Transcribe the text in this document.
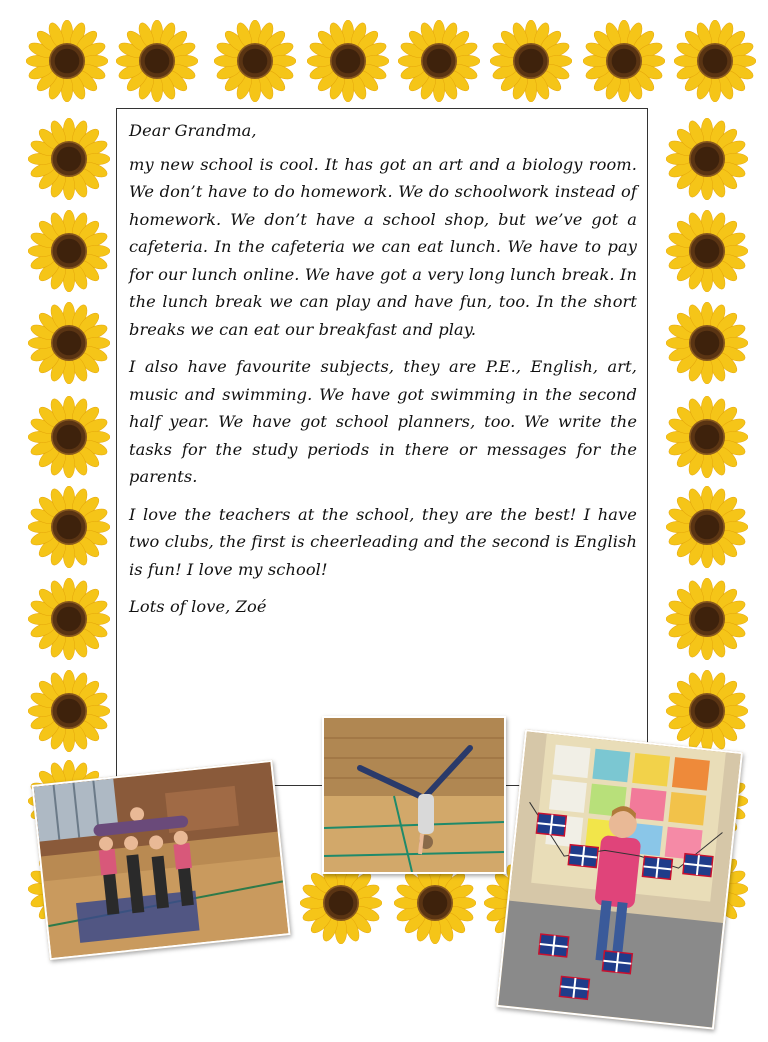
Dear Grandma,

my new school is cool. It has got an art and a biology room. We don’t have to do homework. We do schoolwork instead of homework. We don’t have a school shop, but we’ve got a cafeteria. In the cafeteria we can eat lunch. We have to pay for our lunch online. We have got a very long lunch break. In the lunch break we can play and have fun, too. In the short breaks we can eat our breakfast and play.

I also have favourite subjects, they are P.E., English, art, music and swimming. We have got swimming in the second half year. We have got school planners, too. We write the tasks for the study periods in there or messages for the parents.

I love the teachers at the school, they are the best! I have two clubs, the first is cheerleading and the second is English is fun! I love my school!

Lots of love, Zoé
